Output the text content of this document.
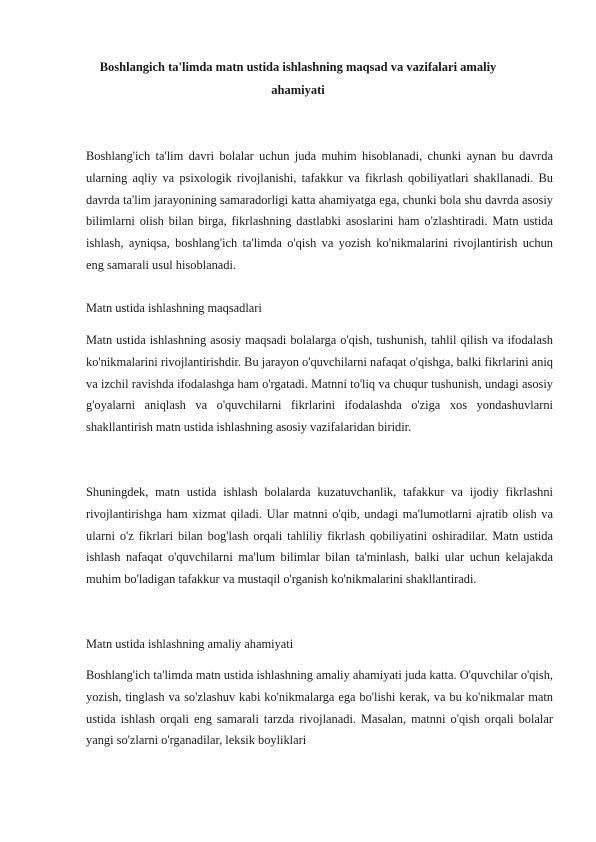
Boshlangich ta'limda matn ustida ishlashning maqsad va vazifalari amaliy ahamiyati

Boshlang'ich ta'lim davri bolalar uchun juda muhim hisoblanadi, chunki aynan bu davrda ularning aqliy va psixologik rivojlanishi, tafakkur va fikrlash qobiliyatlari shakllanadi. Bu davrda ta'lim jarayonining samaradorligi katta ahamiyatga ega, chunki bola shu davrda asosiy bilimlarni olish bilan birga, fikrlashning dastlabki asoslarini ham o'zlashtiradi. Matn ustida ishlash, ayniqsa, boshlang'ich ta'limda o'qish va yozish ko'nikmalarini rivojlantirish uchun eng samarali usul hisoblanadi.

Matn ustida ishlashning maqsadlari

Matn ustida ishlashning asosiy maqsadi bolalarga o'qish, tushunish, tahlil qilish va ifodalash ko'nikmalarini rivojlantirishdir. Bu jarayon o'quvchilarni nafaqat o'qishga, balki fikrlarini aniq va izchil ravishda ifodalashga ham o'rgatadi. Matnni to'liq va chuqur tushunish, undagi asosiy g'oyalarni aniqlash va o'quvchilarni fikrlarini ifodalashda o'ziga xos yondashuvlarni shakllantirish matn ustida ishlashning asosiy vazifalaridan biridir.

Shuningdek, matn ustida ishlash bolalarda kuzatuvchanlik, tafakkur va ijodiy fikrlashni rivojlantirishga ham xizmat qiladi. Ular matnni o'qib, undagi ma'lumotlarni ajratib olish va ularni o'z fikrlari bilan bog'lash orqali tahliliy fikrlash qobiliyatini oshiradilar. Matn ustida ishlash nafaqat o'quvchilarni ma'lum bilimlar bilan ta'minlash, balki ular uchun kelajakda muhim bo'ladigan tafakkur va mustaqil o'rganish ko'nikmalarini shakllantiradi.

Matn ustida ishlashning amaliy ahamiyati

Boshlang'ich ta'limda matn ustida ishlashning amaliy ahamiyati juda katta. O'quvchilar o'qish, yozish, tinglash va so'zlashuv kabi ko'nikmalarga ega bo'lishi kerak, va bu ko'nikmalar matn ustida ishlash orqali eng samarali tarzda rivojlanadi. Masalan, matnni o'qish orqali bolalar yangi so'zlarni o'rganadilar, leksik boyliklari
